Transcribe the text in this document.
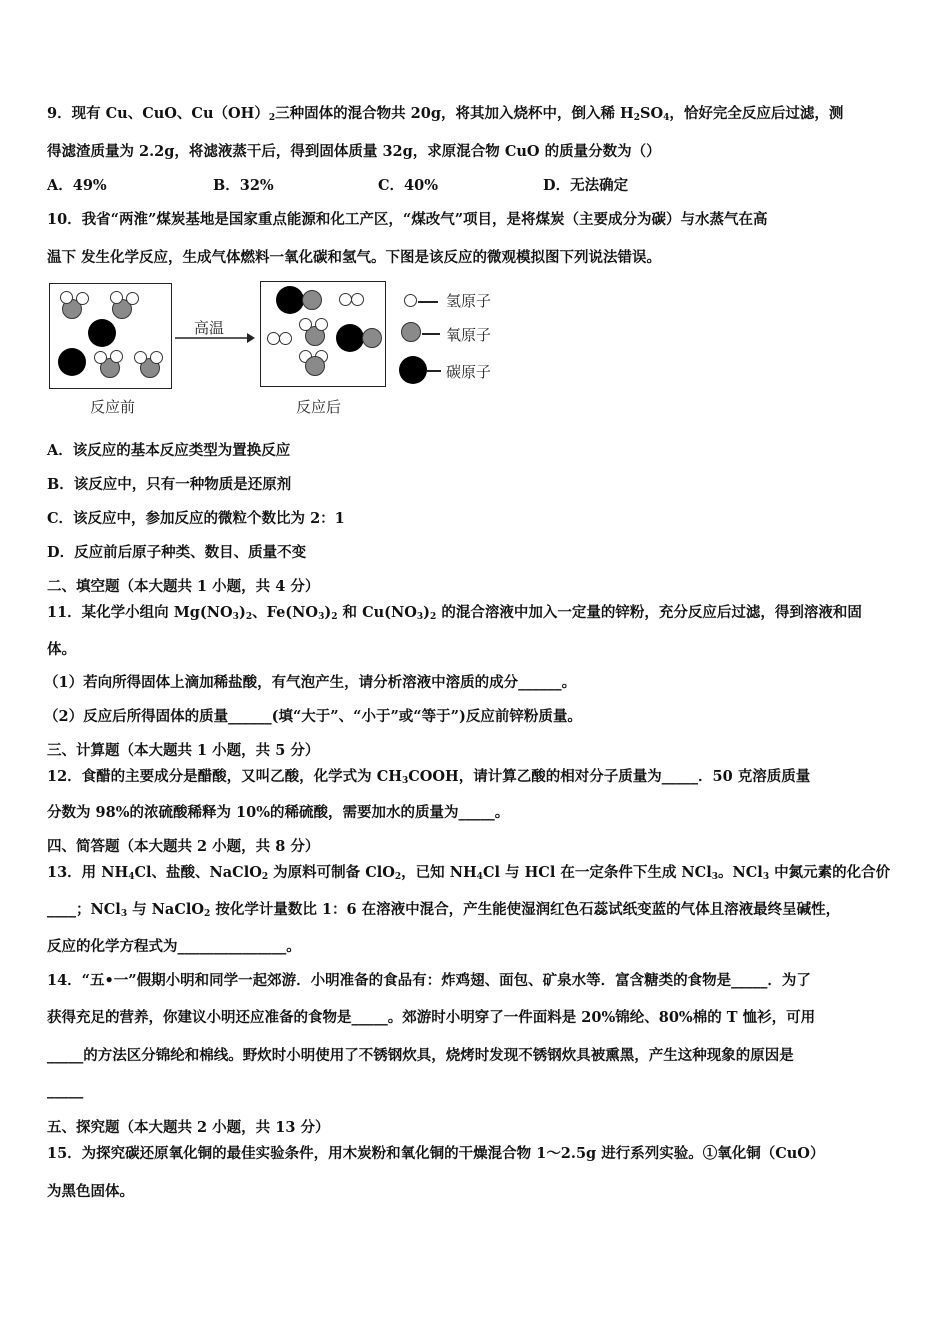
9．现有 Cu、CuO、$Cu(OH)_2$三种固体的混合物共 20g，将其加入烧杯中，倒入稀 $H_2SO_4$，恰好完全反应后过滤，测
得滤渣质量为 2.2g，将滤液蒸干后，得到固体质量 32g，求原混合物 CuO 的质量分数为（）
A．49%	B．32%	C．40%	D．无法确定
10．我省“两淮”煤炭基地是国家重点能源和化工产区，“煤改气”项目，是将煤炭（主要成分为碳）与水蒸气在高
温下 发生化学反应，生成气体燃料一氧化碳和氢气。下图是该反应的微观模拟图下列说法错误。
反应前
高温
反应后
氢原子
氧原子
碳原子
A．该反应的基本反应类型为置换反应
B．该反应中，只有一种物质是还原剂
C．该反应中，参加反应的微粒个数比为 2：1
D．反应前后原子种类、数目、质量不变
二、填空题（本大题共 1 小题，共 4 分）
11．某化学小组向 $Mg(NO_3)_2$、$Fe(NO_3)_2$ 和 $Cu(NO_3)_2$ 的混合溶液中加入一定量的锌粉，充分反应后过滤，得到溶液和固
体。
（1）若向所得固体上滴加稀盐酸，有气泡产生，请分析溶液中溶质的成分______。
（2）反应后所得固体的质量______(填“大于”、“小于”或“等于”)反应前锌粉质量。
三、计算题（本大题共 1 小题，共 5 分）
12．食醋的主要成分是醋酸，又叫乙酸，化学式为 $CH_3COOH$，请计算乙酸的相对分子质量为_____．50 克溶质质量
分数为 98%的浓硫酸稀释为 10%的稀硫酸，需要加水的质量为_____。
四、简答题（本大题共 2 小题，共 8 分）
13．用 $NH_4Cl$、盐酸、NaClO$_2$ 为原料可制备 ClO$_2$，已知 $NH_4Cl$ 与 HCl 在一定条件下生成 NCl$_3$。NCl$_3$ 中氮元素的化合价
____；NCl$_3$ 与 NaClO$_2$ 按化学计量数比 1：6 在溶液中混合，产生能使湿润红色石蕊试纸变蓝的气体且溶液最终呈碱性，
反应的化学方程式为_______________。
14．“五•一”假期小明和同学一起郊游．小明准备的食品有：炸鸡翅、面包、矿泉水等．富含糖类的食物是_____．为了
获得充足的营养，你建议小明还应准备的食物是_____。郊游时小明穿了一件面料是 20%锦纶、80%棉的 T 恤衫，可用
_____的方法区分锦纶和棉线。野炊时小明使用了不锈钢炊具，烧烤时发现不锈钢炊具被熏黑，产生这种现象的原因是
_____
五、探究题（本大题共 2 小题，共 13 分）
15．为探究碳还原氧化铜的最佳实验条件，用木炭粉和氧化铜的干燥混合物 1～2.5g 进行系列实验。①氧化铜（CuO）
为黑色固体。
